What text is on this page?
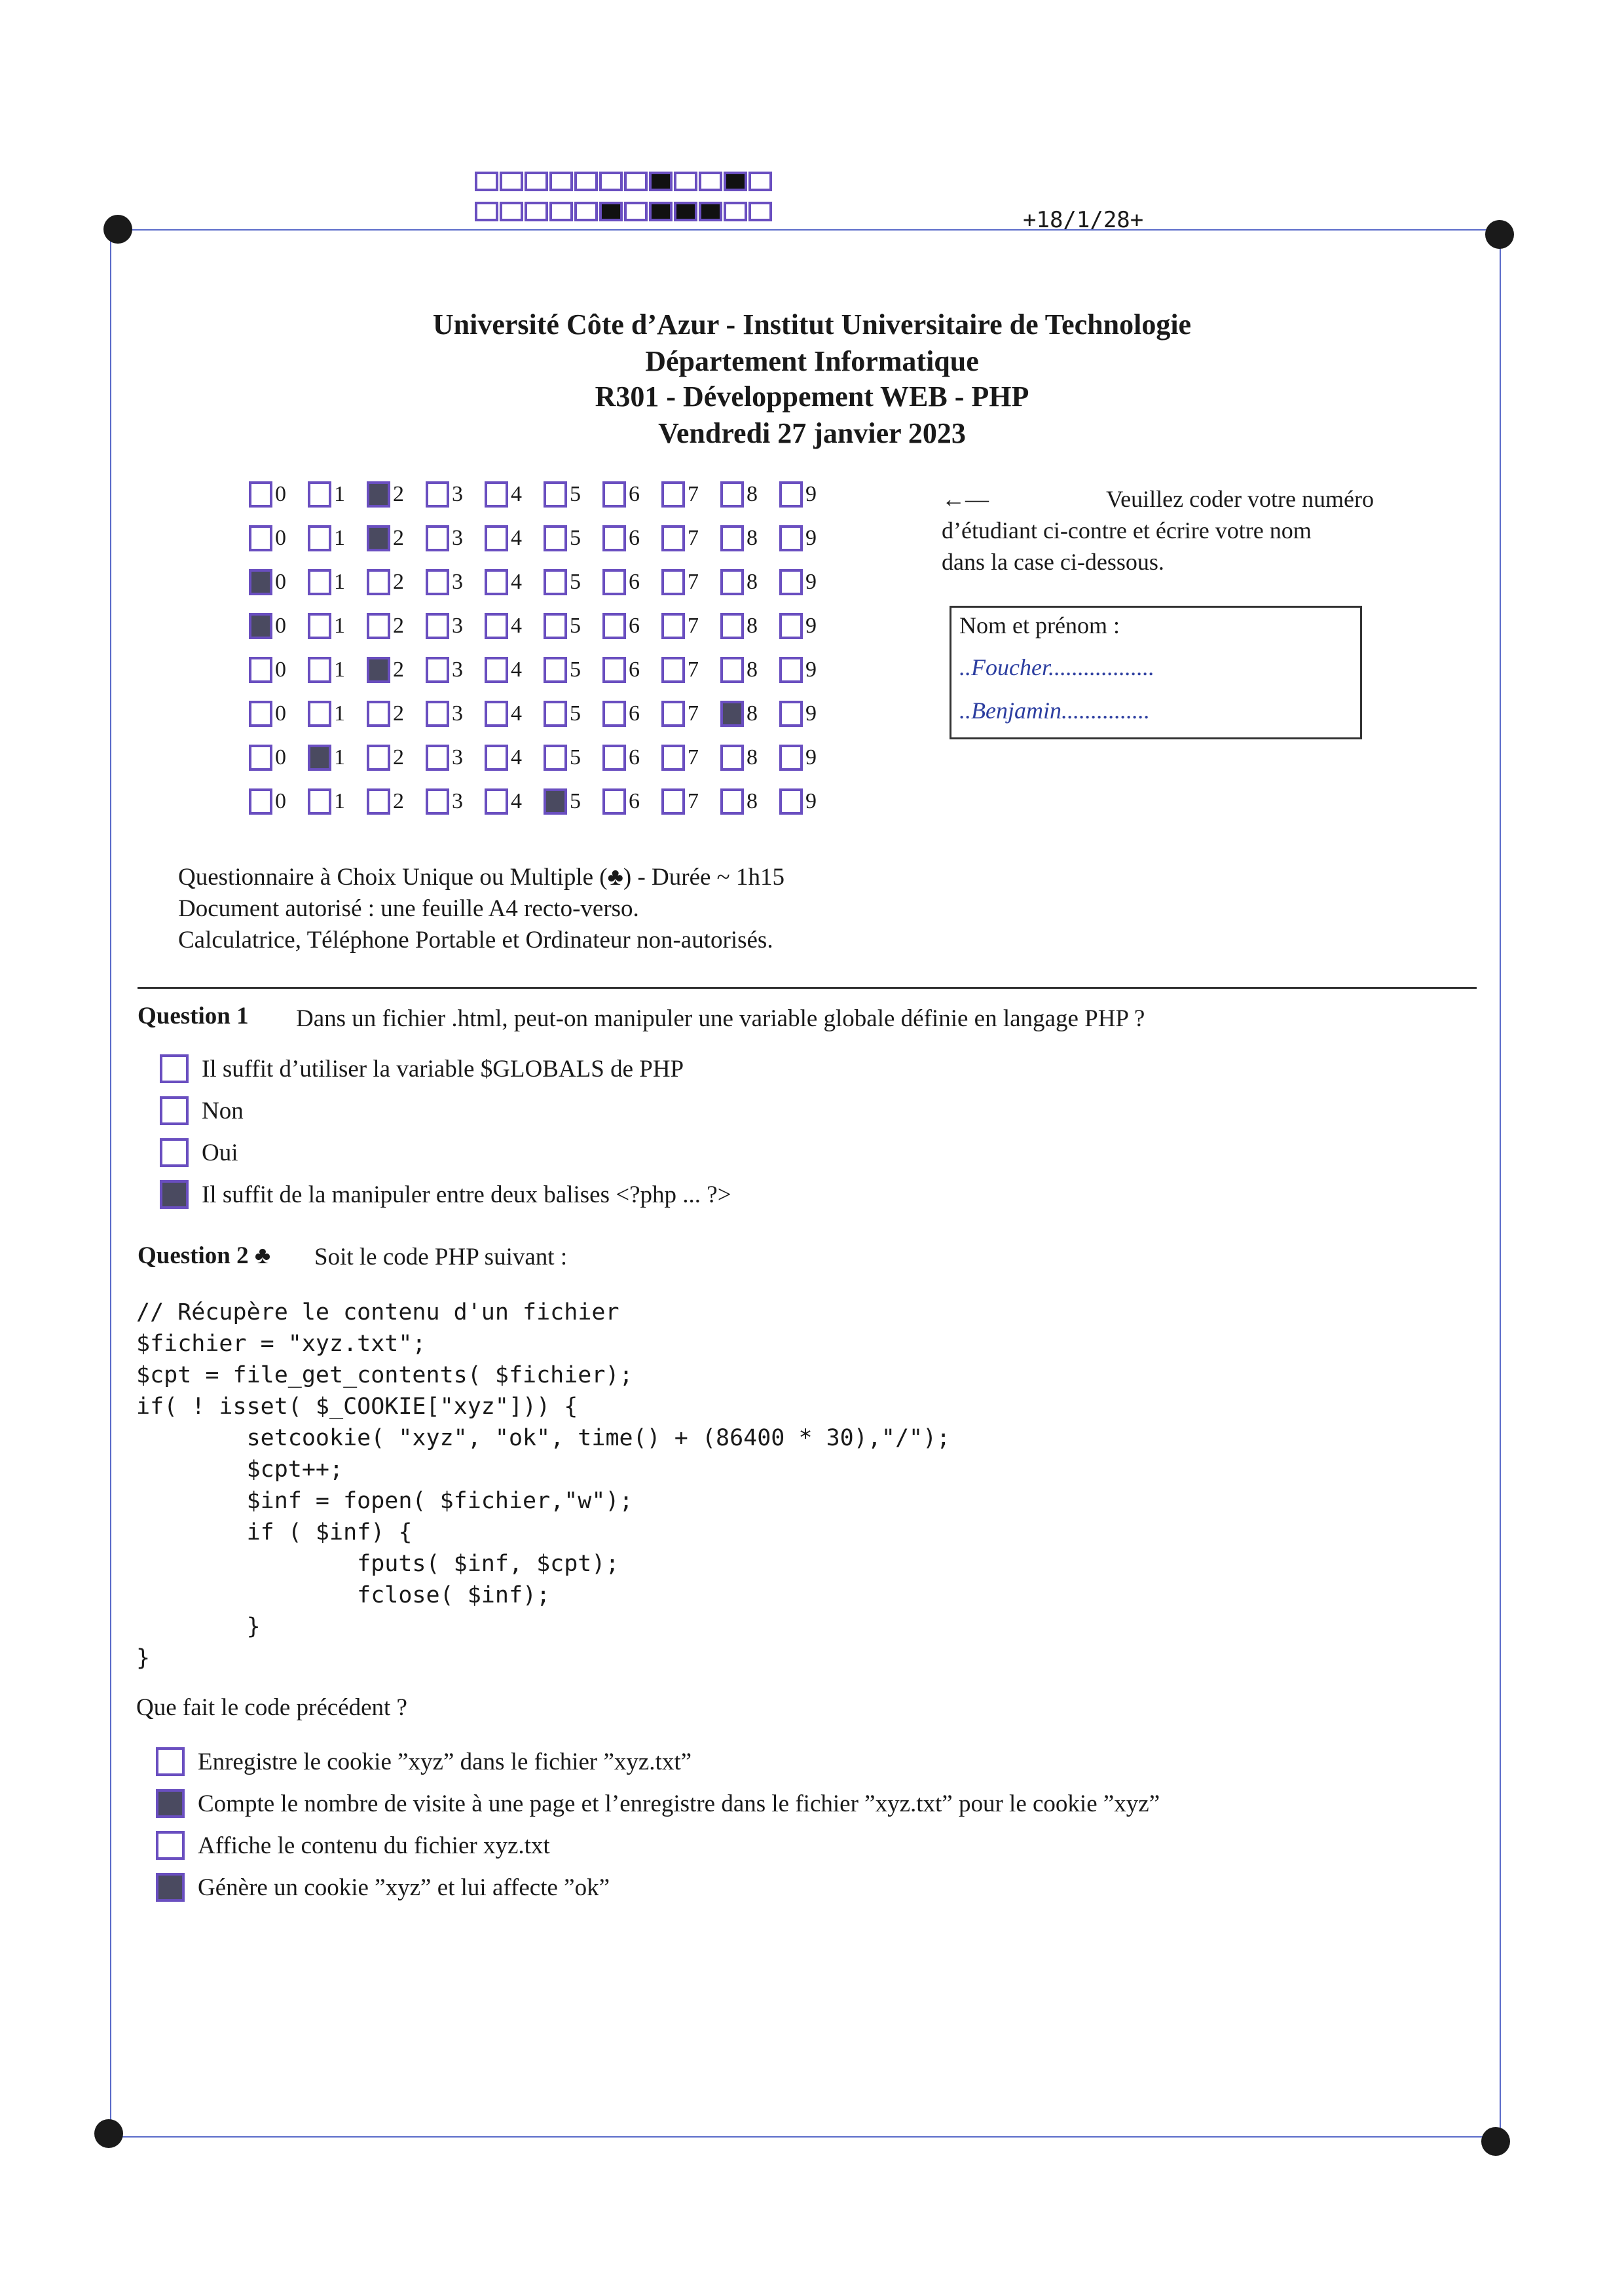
+18/1/28+
Université Côte d’Azur - Institut Universitaire de Technologie
Département Informatique
R301 - Développement WEB - PHP
Vendredi 27 janvier 2023
0 1 2 3 4 5 6 7 8 9
0 1 2 3 4 5 6 7 8 9
0 1 2 3 4 5 6 7 8 9
0 1 2 3 4 5 6 7 8 9
0 1 2 3 4 5 6 7 8 9
0 1 2 3 4 5 6 7 8 9
0 1 2 3 4 5 6 7 8 9
0 1 2 3 4 5 6 7 8 9
←—	Veuillez coder votre numéro
d’étudiant ci-contre et écrire votre nom
dans la case ci-dessous.
Nom et prénom :
..Foucher..................
..Benjamin...............
Questionnaire à Choix Unique ou Multiple (♣) - Durée ~ 1h15
Document autorisé : une feuille A4 recto-verso.
Calculatrice, Téléphone Portable et Ordinateur non-autorisés.
Question 1 Dans un fichier .html, peut-on manipuler une variable globale définie en langage PHP ?
Il suffit d’utiliser la variable $GLOBALS de PHP
Non
Oui
Il suffit de la manipuler entre deux balises <?php ... ?>
Question 2 ♣ Soit le code PHP suivant :
// Récupère le contenu d'un fichier
$fichier = "xyz.txt";
$cpt = file_get_contents( $fichier);
if( ! isset( $_COOKIE["xyz"])) {
setcookie( "xyz", "ok", time() + (86400 * 30),"/");
$cpt++;
$inf = fopen( $fichier,"w");
if ( $inf) {
fputs( $inf, $cpt);
fclose( $inf);
}
}
Que fait le code précédent ?
Enregistre le cookie ”xyz” dans le fichier ”xyz.txt”
Compte le nombre de visite à une page et l’enregistre dans le fichier ”xyz.txt” pour le cookie ”xyz”
Affiche le contenu du fichier xyz.txt
Génère un cookie ”xyz” et lui affecte ”ok”
